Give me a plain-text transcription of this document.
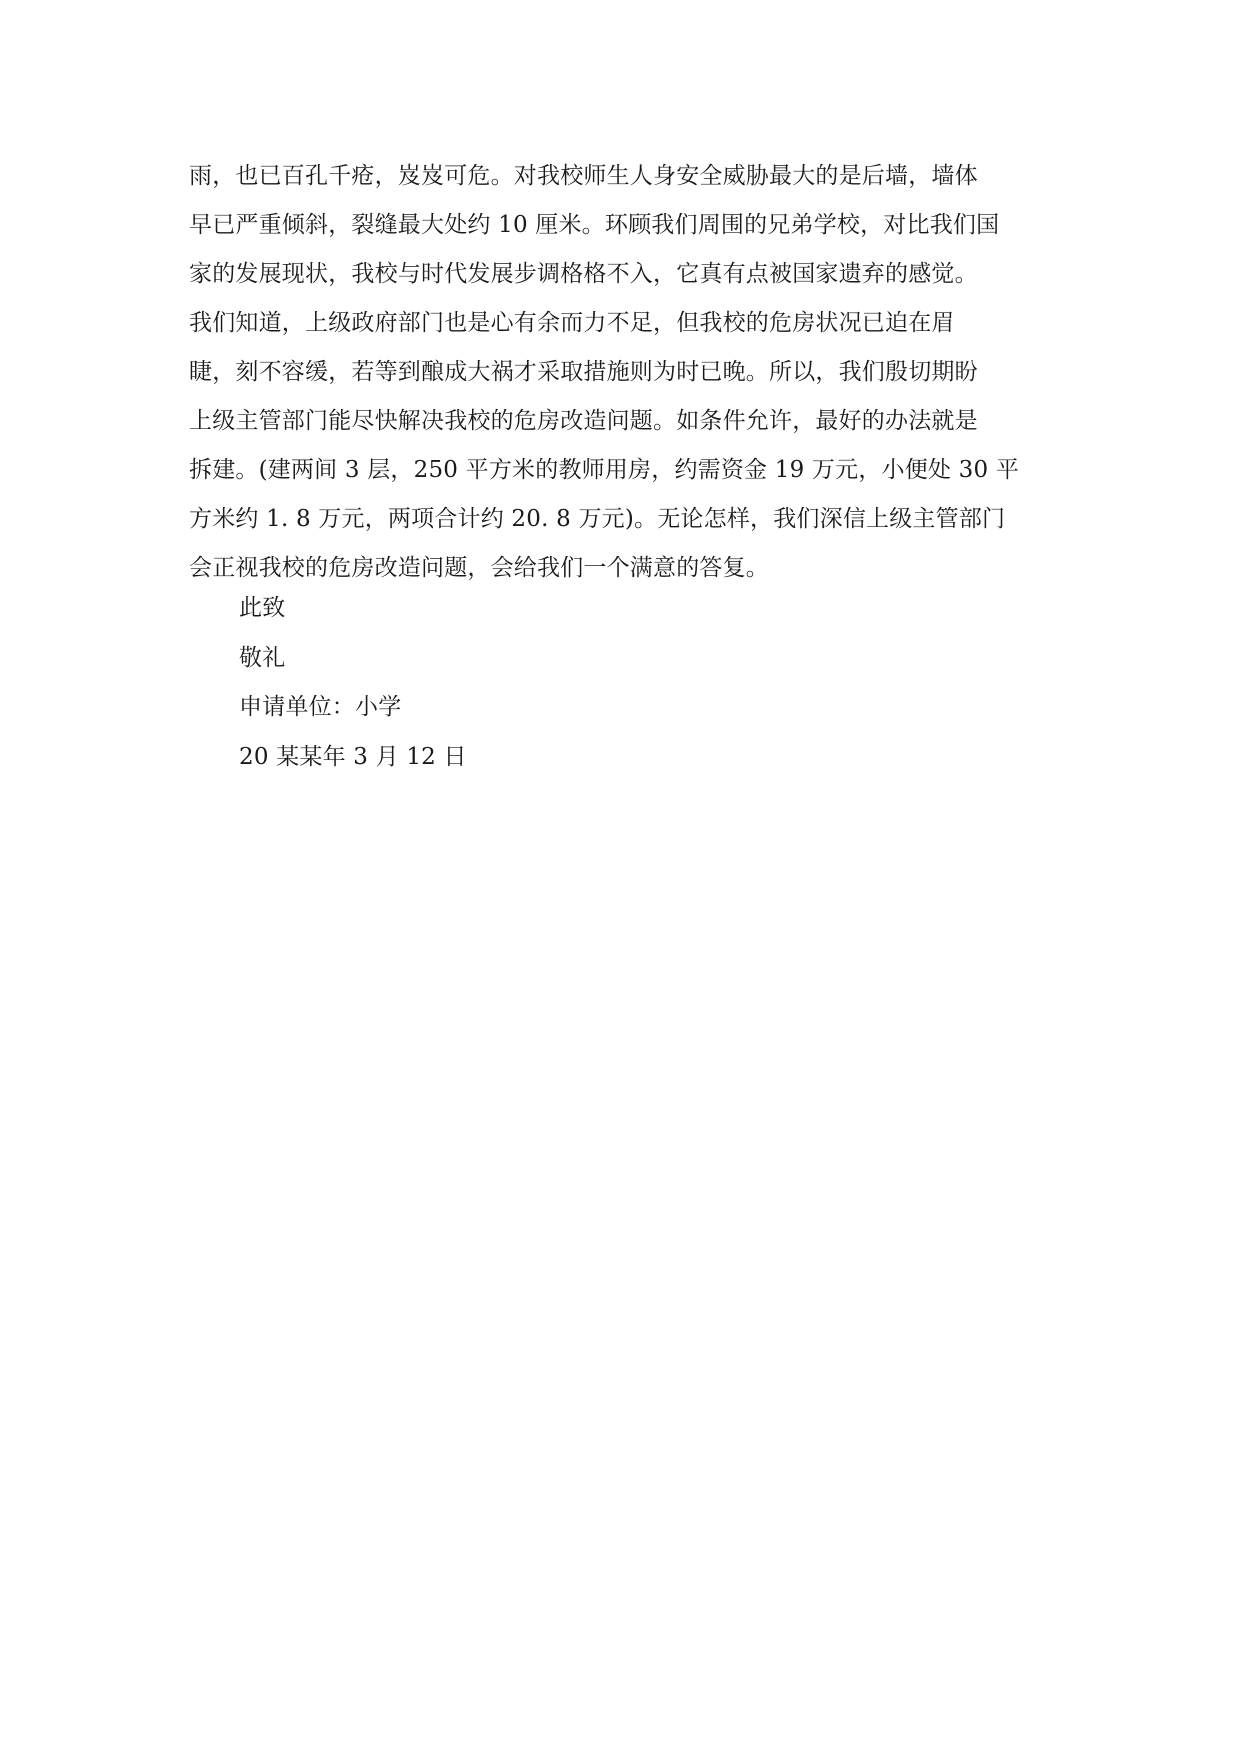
雨，也已百孔千疮，岌岌可危。对我校师生人身安全威胁最大的是后墙，墙体
早已严重倾斜，裂缝最大处约 10 厘米。环顾我们周围的兄弟学校，对比我们国
家的发展现状，我校与时代发展步调格格不入，它真有点被国家遗弃的感觉。
我们知道，上级政府部门也是心有余而力不足，但我校的危房状况已迫在眉
睫，刻不容缓，若等到酿成大祸才采取措施则为时已晚。所以，我们殷切期盼
上级主管部门能尽快解决我校的危房改造问题。如条件允许，最好的办法就是
拆建。(建两间 3 层，250 平方米的教师用房，约需资金 19 万元，小便处 30 平
方米约 1. 8 万元，两项合计约 20. 8 万元)。无论怎样，我们深信上级主管部门
会正视我校的危房改造问题，会给我们一个满意的答复。
此致
敬礼
申请单位：小学
20 某某年 3 月 12 日
